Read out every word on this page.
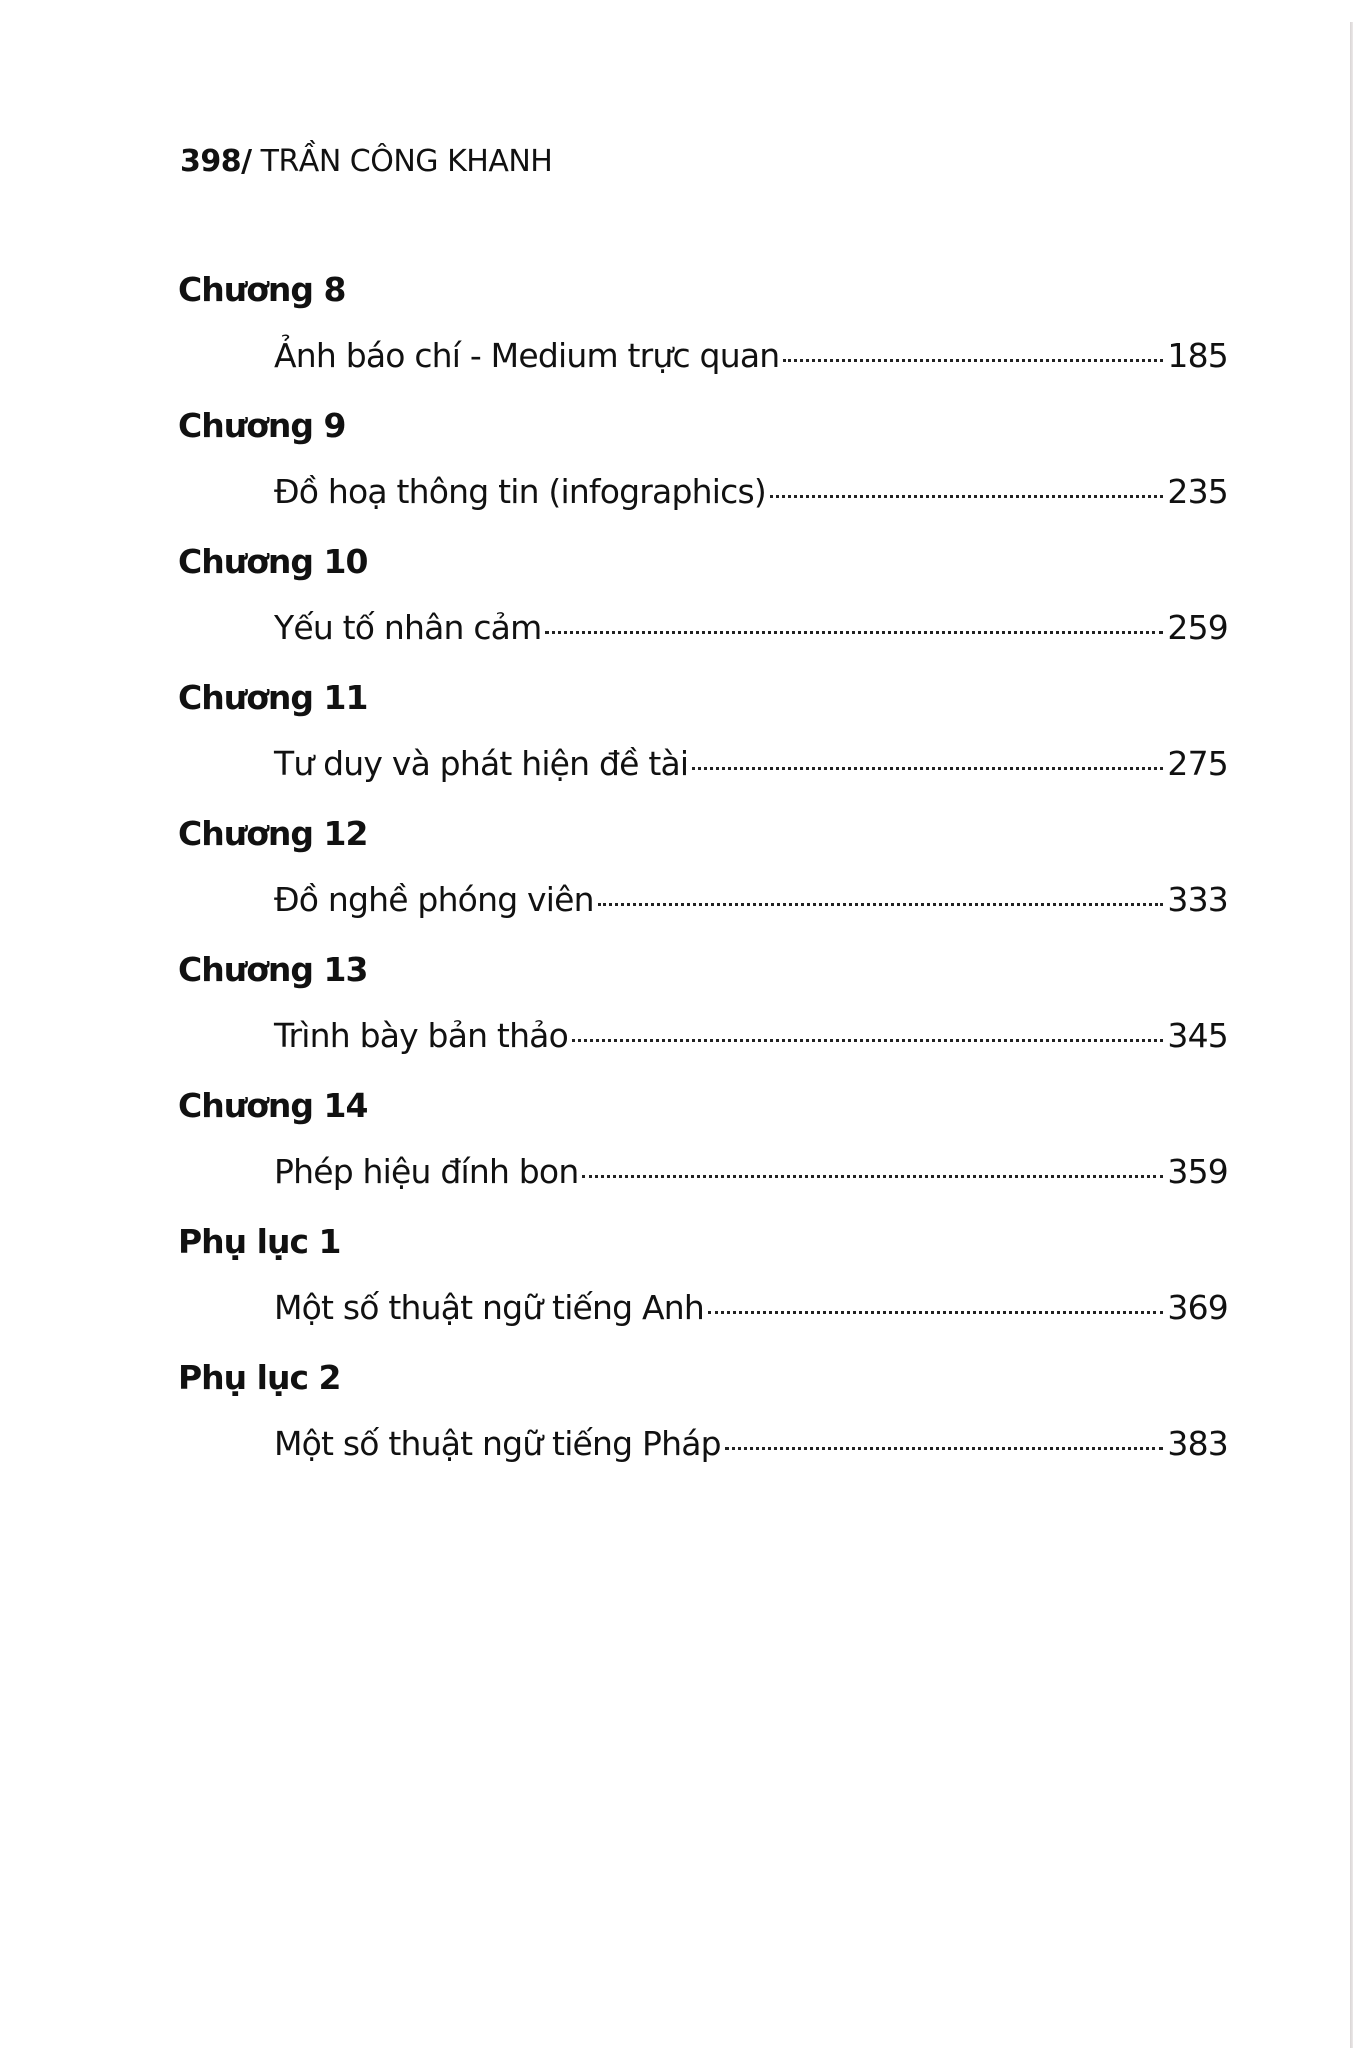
398/ TRẦN CÔNG KHANH
Chương 8
Ảnh báo chí - Medium trực quan	185
Chương 9
Đồ hoạ thông tin (infographics)	235
Chương 10
Yếu tố nhân cảm	259
Chương 11
Tư duy và phát hiện đề tài	275
Chương 12
Đồ nghề phóng viên	333
Chương 13
Trình bày bản thảo	345
Chương 14
Phép hiệu đính bon	359
Phụ lục 1
Một số thuật ngữ tiếng Anh	369
Phụ lục 2
Một số thuật ngữ tiếng Pháp	383
